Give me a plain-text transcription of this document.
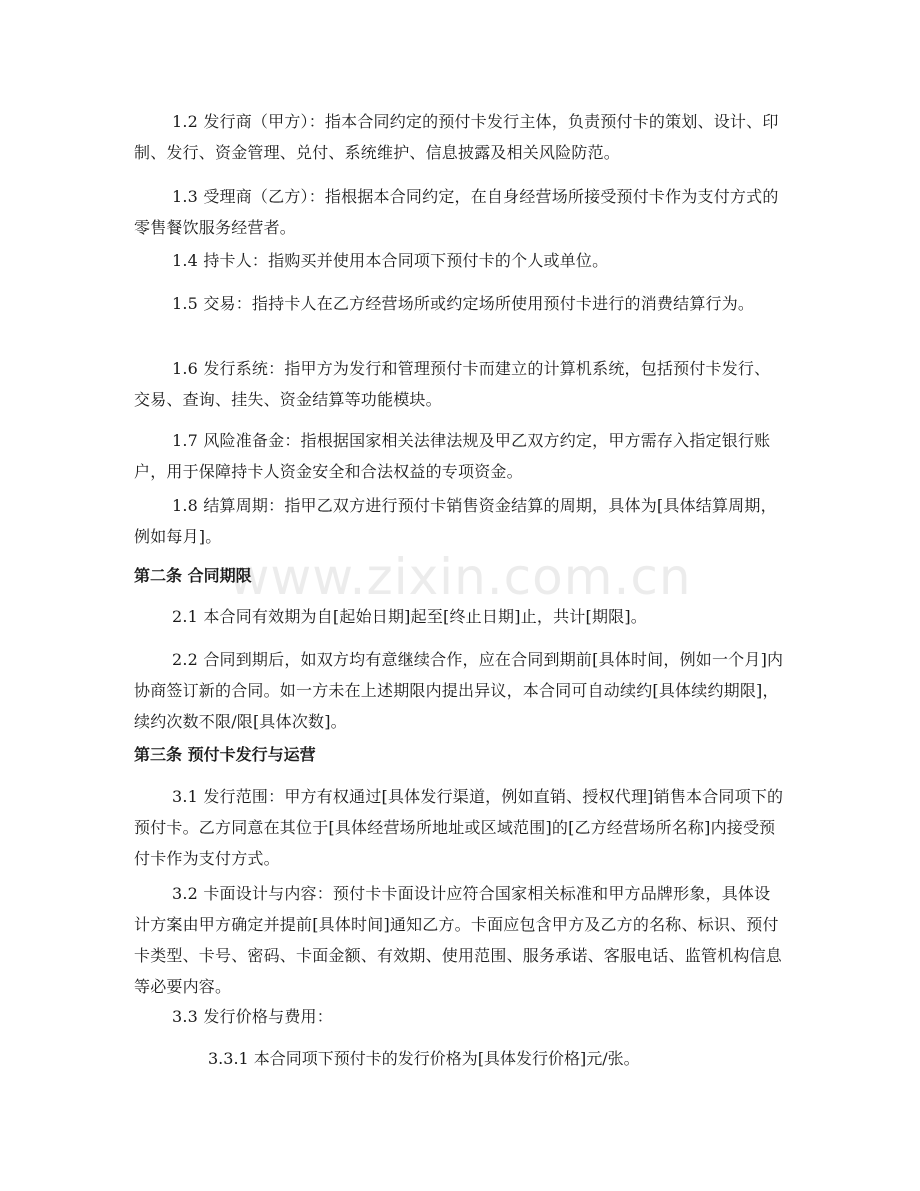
www.zixin.com.cn

1.2 发行商（甲方）：指本合同约定的预付卡发行主体，负责预付卡的策划、设计、印制、发行、资金管理、兑付、系统维护、信息披露及相关风险防范。

1.3 受理商（乙方）：指根据本合同约定，在自身经营场所接受预付卡作为支付方式的零售餐饮服务经营者。

1.4 持卡人：指购买并使用本合同项下预付卡的个人或单位。

1.5 交易：指持卡人在乙方经营场所或约定场所使用预付卡进行的消费结算行为。

1.6 发行系统：指甲方为发行和管理预付卡而建立的计算机系统，包括预付卡发行、交易、查询、挂失、资金结算等功能模块。

1.7 风险准备金：指根据国家相关法律法规及甲乙双方约定，甲方需存入指定银行账户，用于保障持卡人资金安全和合法权益的专项资金。

1.8 结算周期：指甲乙双方进行预付卡销售资金结算的周期，具体为[具体结算周期，例如每月]。

第二条 合同期限

2.1 本合同有效期为自[起始日期]起至[终止日期]止，共计[期限]。

2.2 合同到期后，如双方均有意继续合作，应在合同到期前[具体时间，例如一个月]内协商签订新的合同。如一方未在上述期限内提出异议，本合同可自动续约[具体续约期限]，续约次数不限/限[具体次数]。

第三条 预付卡发行与运营

3.1 发行范围：甲方有权通过[具体发行渠道，例如直销、授权代理]销售本合同项下的预付卡。乙方同意在其位于[具体经营场所地址或区域范围]的[乙方经营场所名称]内接受预付卡作为支付方式。

3.2 卡面设计与内容：预付卡卡面设计应符合国家相关标准和甲方品牌形象，具体设计方案由甲方确定并提前[具体时间]通知乙方。卡面应包含甲方及乙方的名称、标识、预付卡类型、卡号、密码、卡面金额、有效期、使用范围、服务承诺、客服电话、监管机构信息等必要内容。

3.3 发行价格与费用：

3.3.1 本合同项下预付卡的发行价格为[具体发行价格]元/张。
